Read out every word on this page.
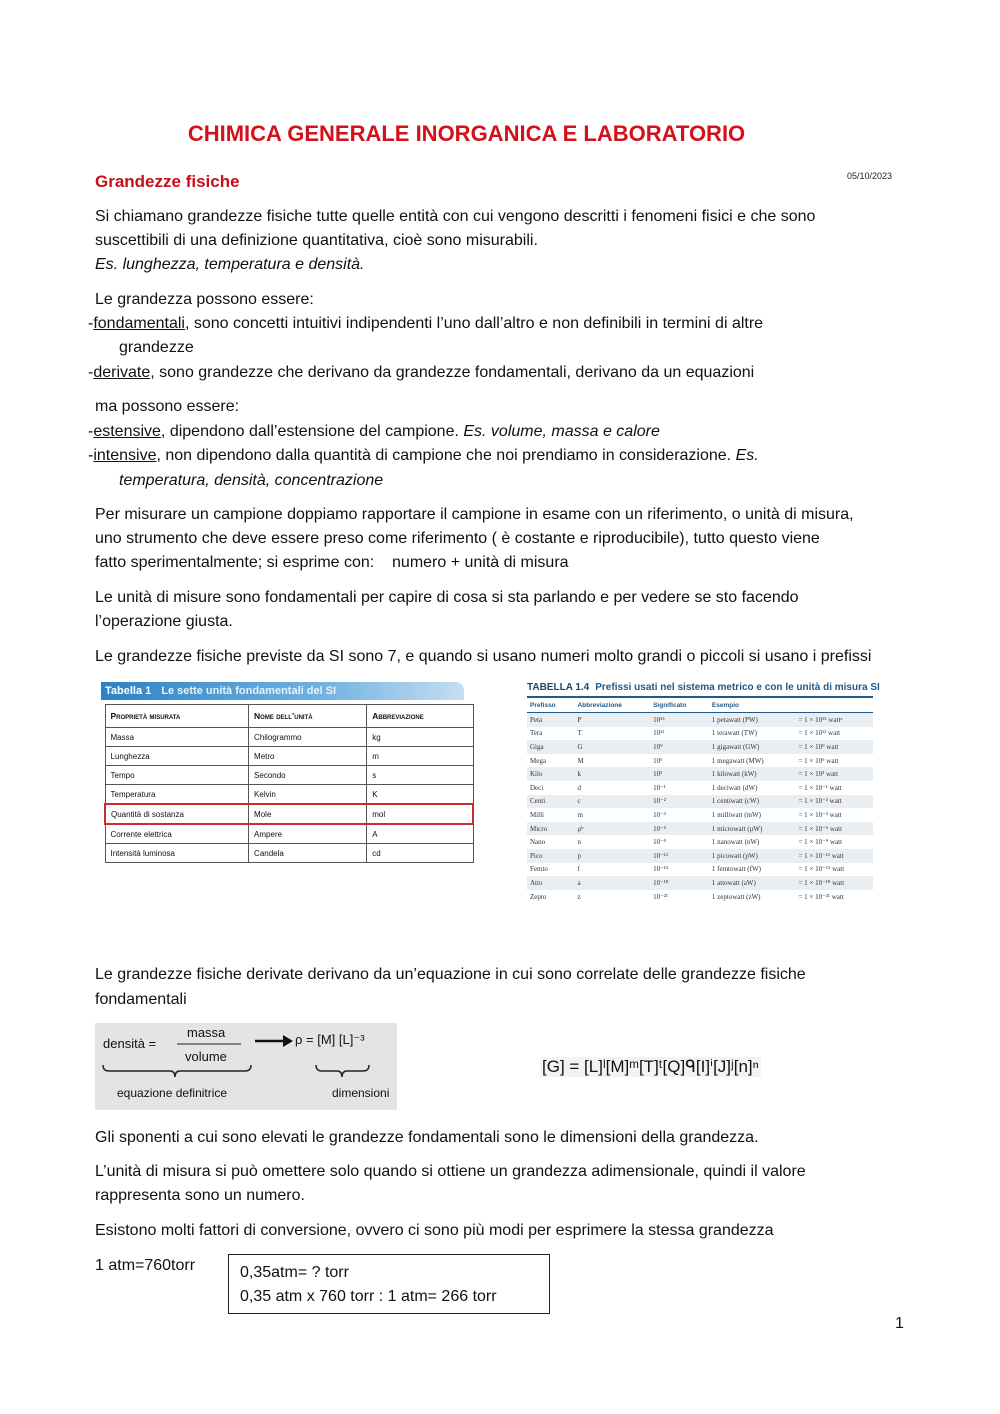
CHIMICA GENERALE INORGANICA E LABORATORIO
Grandezze fisiche	05/10/2023
Si chiamano grandezze fisiche tutte quelle entità con cui vengono descritti i fenomeni fisici e che sono
suscettibili di una definizione quantitativa, cioè sono misurabili.
Es. lunghezza, temperatura e densità.
Le grandezza possono essere:
-fondamentali, sono concetti intuitivi indipendenti l’uno dall’altro e non definibili in termini di altre
grandezze
-derivate, sono grandezze che derivano da grandezze fondamentali, derivano da un equazioni
ma possono essere:
-estensive, dipendono dall’estensione del campione. Es. volume, massa e calore
-intensive, non dipendono dalla quantità di campione che noi prendiamo in considerazione. Es.
temperatura, densità, concentrazione
Per misurare un campione doppiamo rapportare il campione in esame con un riferimento, o unità di misura,
uno strumento che deve essere preso come riferimento ( è costante e riproducibile), tutto questo viene
fatto sperimentalmente; si esprime con:    numero + unità di misura
Le unità di misure sono fondamentali per capire di cosa si sta parlando e per vedere se sto facendo
l’operazione giusta.
Le grandezze fisiche previste da SI sono 7, e quando si usano numeri molto grandi o piccoli si usano i prefissi
Tabella 1 Le sette unità fondamentali del SI
Proprietà misurata	Nome dell’unità	Abbreviazione
Massa	Chilogrammo	kg
Lunghezza	Metro	m
Tempo	Secondo	s
Temperatura	Kelvin	K
Quantità di sostanza	Mole	mol
Corrente elettrica	Ampere	A
Intensità luminosa	Candela	cd
TABELLA 1.4 Prefissi usati nel sistema metrico e con le unità di misura SI
Prefisso	Abbreviazione	Significato	Esempio	
Peta	P	10¹⁵	1 petawatt (PW)	= 1 × 10¹⁵ wattᵃ
Tera	T	10¹²	1 terawatt (TW)	= 1 × 10¹² watt
Giga	G	10⁹	1 gigawatt (GW)	= 1 × 10⁹ watt
Mega	M	10⁶	1 megawatt (MW)	= 1 × 10⁶ watt
Kilo	k	10³	1 kilowatt (kW)	= 1 × 10³ watt
Deci	d	10⁻¹	1 deciwatt (dW)	= 1 × 10⁻¹ watt
Centi	c	10⁻²	1 centiwatt (cW)	= 1 × 10⁻² watt
Milli	m	10⁻³	1 milliwatt (mW)	= 1 × 10⁻³ watt
Micro	μᵇ	10⁻⁶	1 microwatt (μW)	= 1 × 10⁻⁶ watt
Nano	n	10⁻⁹	1 nanowatt (nW)	= 1 × 10⁻⁹ watt
Pico	p	10⁻¹²	1 picowatt (pW)	= 1 × 10⁻¹² watt
Femto	f	10⁻¹⁵	1 femtowatt (fW)	= 1 × 10⁻¹⁵ watt
Atto	a	10⁻¹⁸	1 attowatt (aW)	= 1 × 10⁻¹⁸ watt
Zepto	z	10⁻²¹	1 zeptowatt (zW)	= 1 × 10⁻²¹ watt
Le grandezze fisiche derivate derivano da un’equazione in cui sono correlate delle grandezze fisiche
fondamentali
densità =
massa
volume
ρ = [M] [L]⁻³
equazione definitrice	dimensioni
[G] = [L]ˡ[M]ᵐ[T]ᵗ[Q]ᑫ[I]ⁱ[J]ʲ[n]ⁿ
Gli sponenti a cui sono elevati le grandezze fondamentali sono le dimensioni della grandezza.
L’unità di misura si può omettere solo quando si ottiene un grandezza adimensionale, quindi il valore
rappresenta sono un numero.
Esistono molti fattori di conversione, ovvero ci sono più modi per esprimere la stessa grandezza
1 atm=760torr	0,35atm= ? torr
0,35 atm x 760 torr : 1 atm= 266 torr
1
